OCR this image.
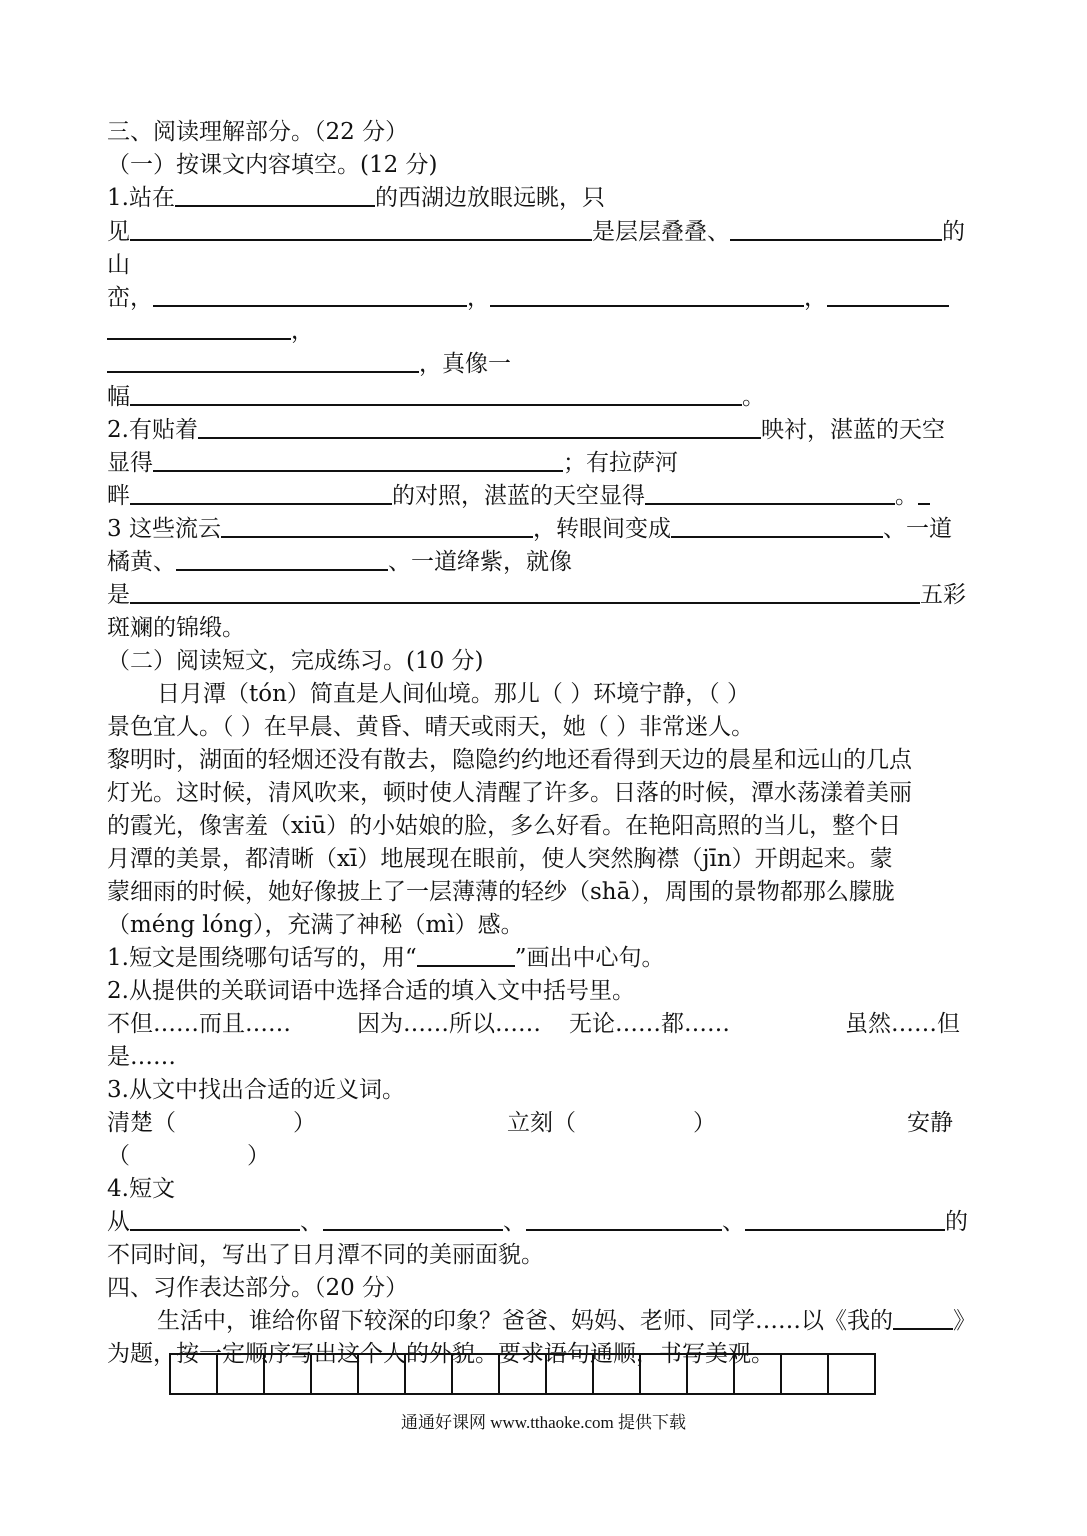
三、阅读理解部分。（22 分）
（一）按课文内容填空。(12 分)
1.站在	的西湖边放眼远眺，只
见	是层层叠叠、	的
山
峦，	，	，
，
，真像一
幅	。
2.有贴着	映衬，湛蓝的天空
显得	；有拉萨河
畔	的对照，湛蓝的天空显得	。
3 这些流云	，转眼间变成	、一道
橘黄、	、一道绛紫，就像
是	五彩
斑斓的锦缎。
（二）阅读短文，完成练习。(10 分)
日月潭（tón）简直是人间仙境。那儿（ ）环境宁静，（ ）
景色宜人。（ ）在早晨、黄昏、晴天或雨天，她（ ）非常迷人。
黎明时，湖面的轻烟还没有散去，隐隐约约地还看得到天边的晨星和远山的几点
灯光。这时候，清风吹来，顿时使人清醒了许多。日落的时候，潭水荡漾着美丽
的霞光，像害羞（xiū）的小姑娘的脸，多么好看。在艳阳高照的当儿，整个日
月潭的美景，都清晰（xī）地展现在眼前，使人突然胸襟（jīn）开朗起来。蒙
蒙细雨的时候，她好像披上了一层薄薄的轻纱（shā），周围的景物都那么朦胧
（méng lóng），充满了神秘（mì）感。
1.短文是围绕哪句话写的，用“	”画出中心句。
2.从提供的关联词语中选择合适的填入文中括号里。
不但……而且……	因为……所以…… 无论……都……	虽然……但
是……
3.从文中找出合适的近义词。
清楚（                ）	立刻（                ）	安静
（                ）
4.短文
从	、	、	、	的
不同时间，写出了日月潭不同的美丽面貌。
四、习作表达部分。（20 分）
生活中，谁给你留下较深的印象？爸爸、妈妈、老师、同学……以《我的	》
为题，按一定顺序写出这个人的外貌。要求语句通顺，书写美观。
通通好课网 www.tthaoke.com 提供下载
